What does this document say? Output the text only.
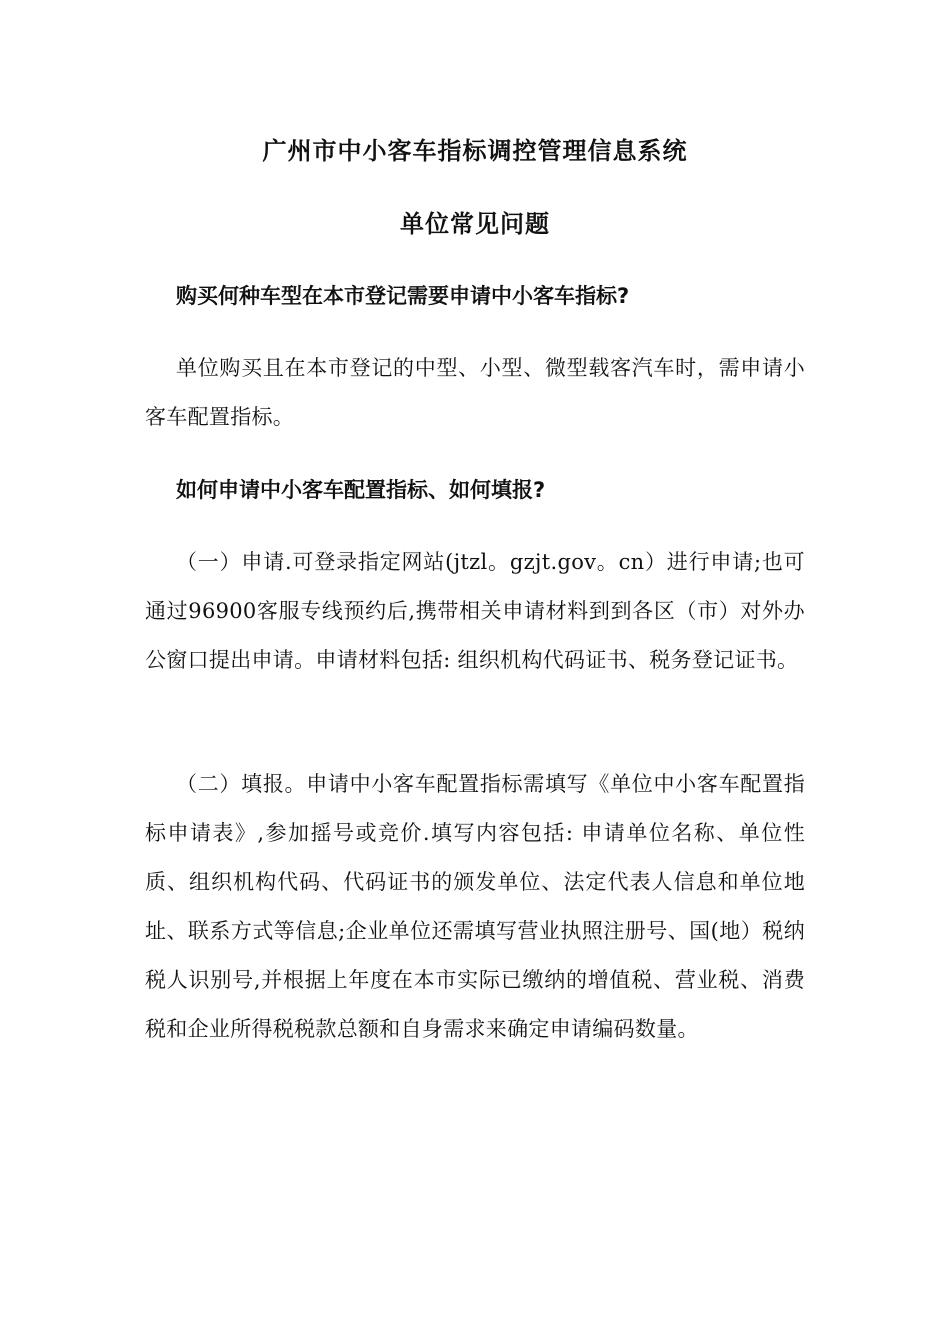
广州市中小客车指标调控管理信息系统
单位常见问题
购买何种车型在本市登记需要申请中小客车指标?

单位购买且在本市登记的中型、小型、微型载客汽车时，需申请小客车配置指标。

如何申请中小客车配置指标、如何填报?

（一）申请.可登录指定网站(jtzl。gzjt.gov。cn）进行申请;也可通过96900客服专线预约后,携带相关申请材料到到各区（市）对外办公窗口提出申请。申请材料包括: 组织机构代码证书、税务登记证书。

（二）填报。申请中小客车配置指标需填写《单位中小客车配置指标申请表》,参加摇号或竞价.填写内容包括: 申请单位名称、单位性质、组织机构代码、代码证书的颁发单位、法定代表人信息和单位地址、联系方式等信息;企业单位还需填写营业执照注册号、国(地）税纳税人识别号,并根据上年度在本市实际已缴纳的增值税、营业税、消费税和企业所得税税款总额和自身需求来确定申请编码数量。
